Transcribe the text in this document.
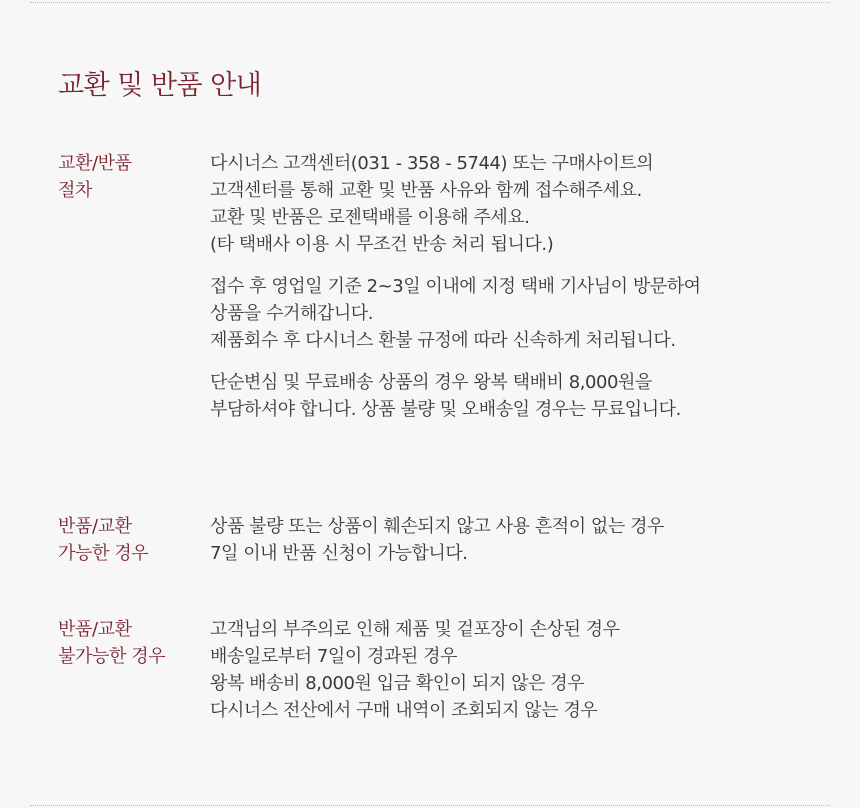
교환 및 반품 안내
교환/반품
절차
다시너스 고객센터(031 - 358 - 5744) 또는 구매사이트의
고객센터를 통해 교환 및 반품 사유와 함께 접수해주세요.
교환 및 반품은 로젠택배를 이용해 주세요.
(타 택배사 이용 시 무조건 반송 처리 됩니다.)
접수 후 영업일 기준 2~3일 이내에 지정 택배 기사님이 방문하여
상품을 수거해갑니다.
제품회수 후 다시너스 환불 규정에 따라 신속하게 처리됩니다.
단순변심 및 무료배송 상품의 경우 왕복 택배비 8,000원을
부담하셔야 합니다. 상품 불량 및 오배송일 경우는 무료입니다.
반품/교환
가능한 경우
상품 불량 또는 상품이 훼손되지 않고 사용 흔적이 없는 경우
7일 이내 반품 신청이 가능합니다.
반품/교환
불가능한 경우
고객님의 부주의로 인해 제품 및 겉포장이 손상된 경우
배송일로부터 7일이 경과된 경우
왕복 배송비 8,000원 입금 확인이 되지 않은 경우
다시너스 전산에서 구매 내역이 조회되지 않는 경우
